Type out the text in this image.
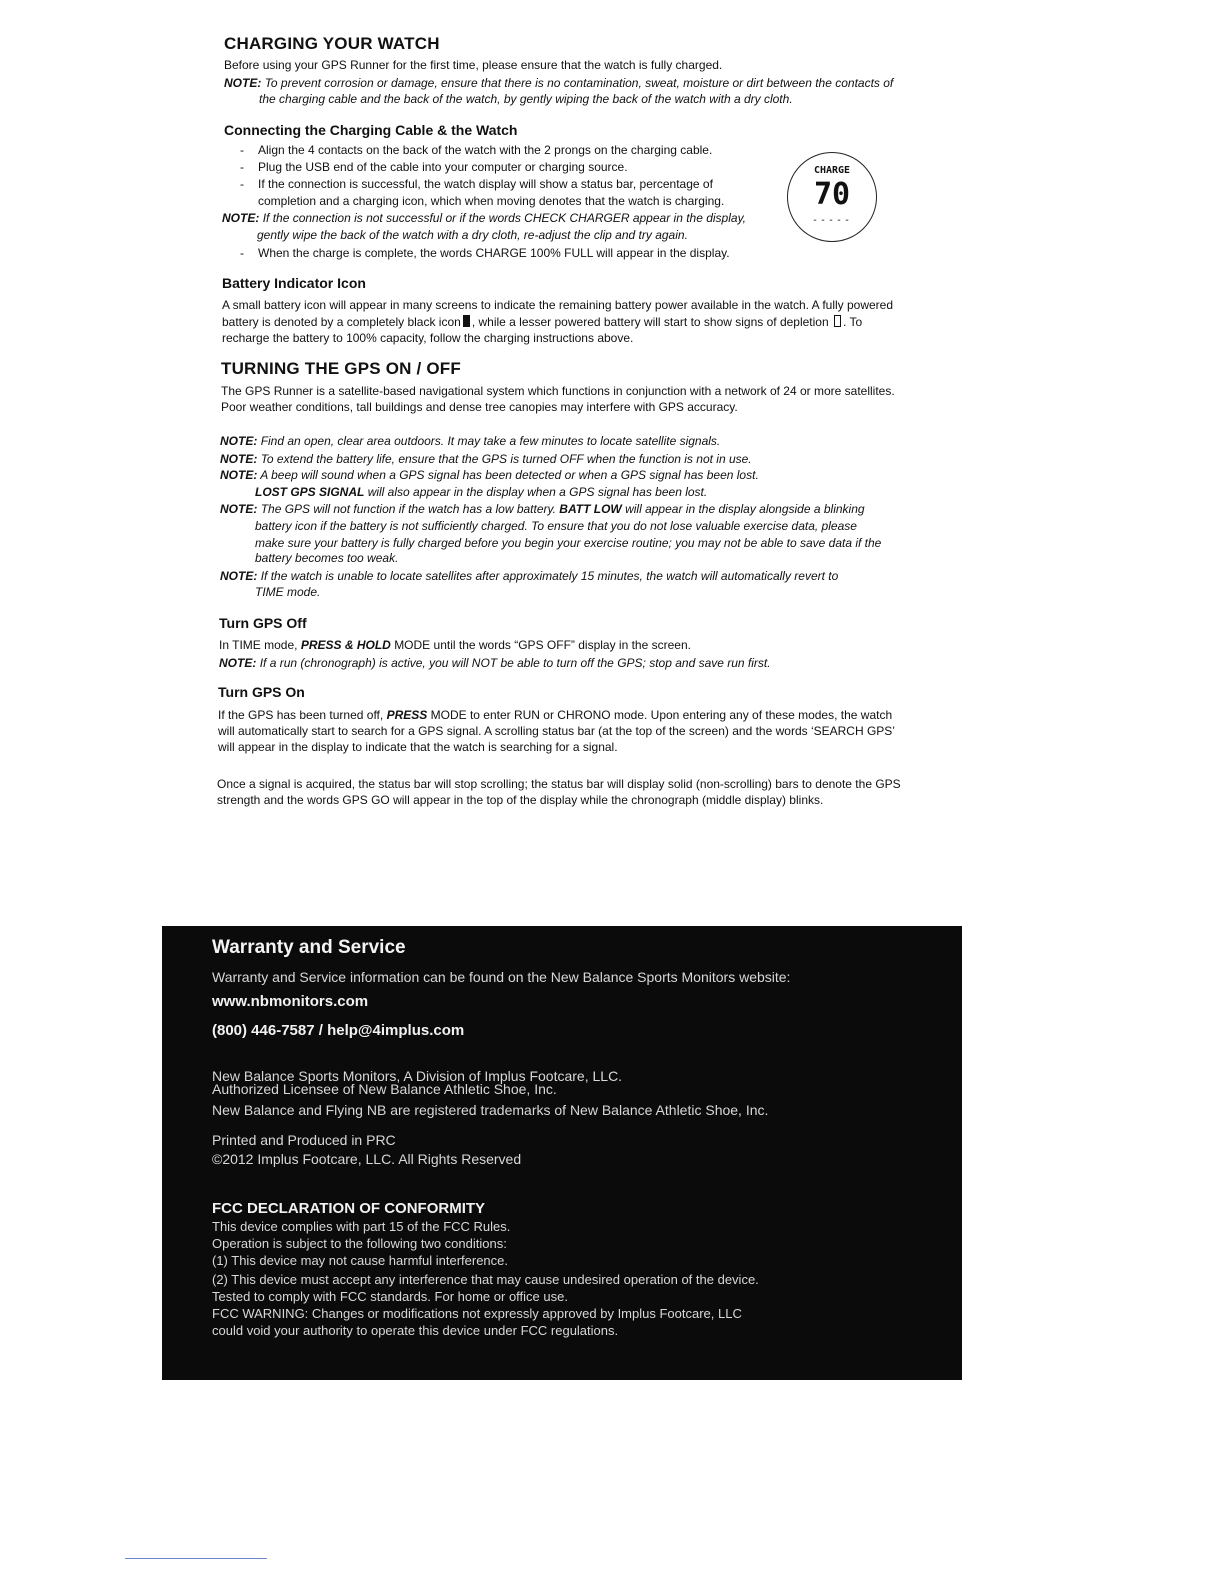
CHARGING YOUR WATCH
Before using your GPS Runner for the first time, please ensure that the watch is fully charged.
NOTE: To prevent corrosion or damage, ensure that there is no contamination, sweat, moisture or dirt between the contacts of
the charging cable and the back of the watch, by gently wiping the back of the watch with a dry cloth.
Connecting the Charging Cable & the Watch
- Align the 4 contacts on the back of the watch with the 2 prongs on the charging cable.
- Plug the USB end of the cable into your computer or charging source.
- If the connection is successful, the watch display will show a status bar, percentage of
completion and a charging icon, which when moving denotes that the watch is charging.
NOTE: If the connection is not successful or if the words CHECK CHARGER appear in the display,
gently wipe the back of the watch with a dry cloth, re-adjust the clip and try again.
- When the charge is complete, the words CHARGE 100% FULL will appear in the display.
CHARGE
70
-----
Battery Indicator Icon
A small battery icon will appear in many screens to indicate the remaining battery power available in the watch. A fully powered
battery is denoted by a completely black icon , while a lesser powered battery will start to show signs of depletion . To
recharge the battery to 100% capacity, follow the charging instructions above.
TURNING THE GPS ON / OFF
The GPS Runner is a satellite-based navigational system which functions in conjunction with a network of 24 or more satellites.
Poor weather conditions, tall buildings and dense tree canopies may interfere with GPS accuracy.
NOTE: Find an open, clear area outdoors. It may take a few minutes to locate satellite signals.
NOTE: To extend the battery life, ensure that the GPS is turned OFF when the function is not in use.
NOTE: A beep will sound when a GPS signal has been detected or when a GPS signal has been lost.
LOST GPS SIGNAL will also appear in the display when a GPS signal has been lost.
NOTE: The GPS will not function if the watch has a low battery. BATT LOW will appear in the display alongside a blinking
battery icon if the battery is not sufficiently charged. To ensure that you do not lose valuable exercise data, please
make sure your battery is fully charged before you begin your exercise routine; you may not be able to save data if the
battery becomes too weak.
NOTE: If the watch is unable to locate satellites after approximately 15 minutes, the watch will automatically revert to
TIME mode.
Turn GPS Off
In TIME mode, PRESS & HOLD MODE until the words “GPS OFF” display in the screen.
NOTE: If a run (chronograph) is active, you will NOT be able to turn off the GPS; stop and save run first.
Turn GPS On
If the GPS has been turned off, PRESS MODE to enter RUN or CHRONO mode. Upon entering any of these modes, the watch
will automatically start to search for a GPS signal. A scrolling status bar (at the top of the screen) and the words ‘SEARCH GPS’
will appear in the display to indicate that the watch is searching for a signal.
Once a signal is acquired, the status bar will stop scrolling; the status bar will display solid (non-scrolling) bars to denote the GPS
strength and the words GPS GO will appear in the top of the display while the chronograph (middle display) blinks.
Warranty and Service
Warranty and Service information can be found on the New Balance Sports Monitors website:
www.nbmonitors.com
(800) 446-7587 / help@4implus.com
New Balance Sports Monitors, A Division of Implus Footcare, LLC.
Authorized Licensee of New Balance Athletic Shoe, Inc.
New Balance and Flying NB are registered trademarks of New Balance Athletic Shoe, Inc.
Printed and Produced in PRC
©2012 Implus Footcare, LLC. All Rights Reserved
FCC DECLARATION OF CONFORMITY
This device complies with part 15 of the FCC Rules.
Operation is subject to the following two conditions:
(1) This device may not cause harmful interference.
(2) This device must accept any interference that may cause undesired operation of the device.
Tested to comply with FCC standards. For home or office use.
FCC WARNING: Changes or modifications not expressly approved by Implus Footcare, LLC
could void your authority to operate this device under FCC regulations.
